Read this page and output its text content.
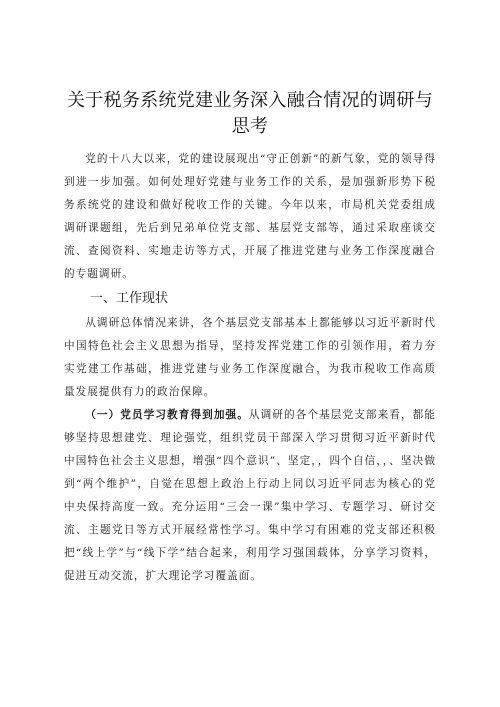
关于税务系统党建业务深入融合情况的调研与思考

党的十八大以来，党的建设展现出“守正创新”的新气象，党的领导得到进一步加强。如何处理好党建与业务工作的关系，是加强新形势下税务系统党的建设和做好税收工作的关键。今年以来，市局机关党委组成调研课题组，先后到兄弟单位党支部、基层党支部等，通过采取座谈交流、查阅资料、实地走访等方式，开展了推进党建与业务工作深度融合的专题调研。

一、工作现状

从调研总体情况来讲，各个基层党支部基本上都能够以习近平新时代中国特色社会主义思想为指导，坚持发挥党建工作的引领作用，着力夯实党建工作基础，推进党建与业务工作深度融合，为我市税收工作高质量发展提供有力的政治保障。

（一）党员学习教育得到加强。从调研的各个基层党支部来看，都能够坚持思想建党、理论强党，组织党员干部深入学习贯彻习近平新时代中国特色社会主义思想，增强“四个意识”、坚定，，四个自信，，、坚决做到“两个维护”，自觉在思想上政治上行动上同以习近平同志为核心的党中央保持高度一致。充分运用“三会一课”集中学习、专题学习、研讨交流、主题党日等方式开展经常性学习。集中学习有困难的党支部还积极把“线上学”与“线下学”结合起来，利用学习强国载体，分享学习资料，促进互动交流，扩大理论学习覆盖面。
